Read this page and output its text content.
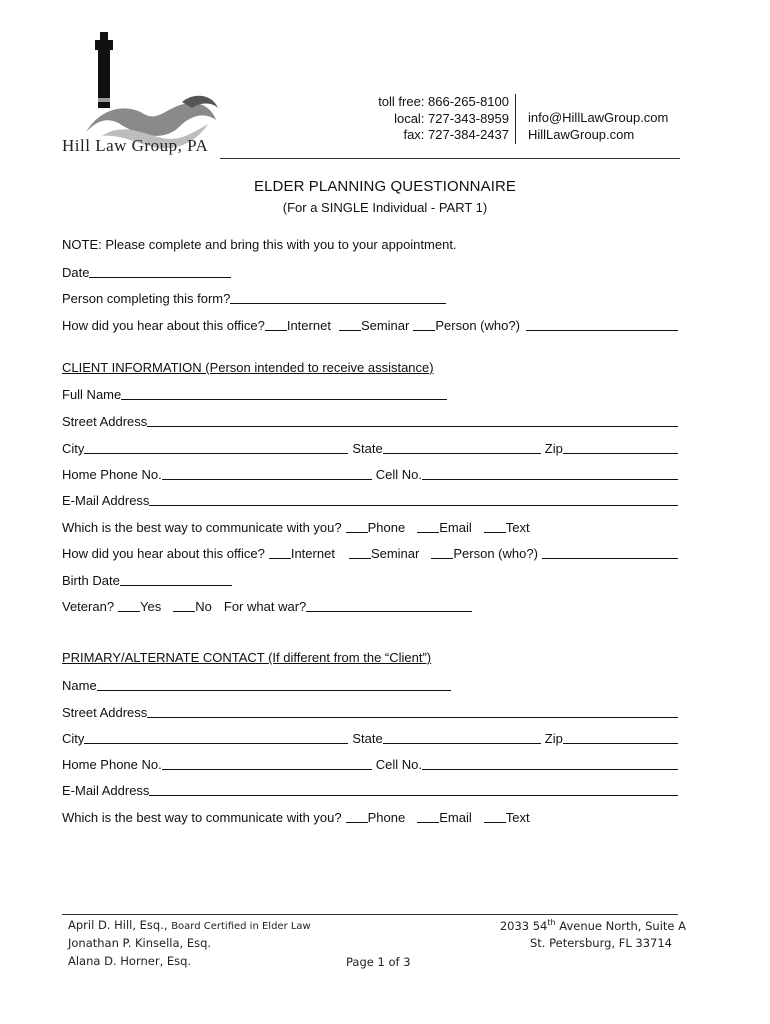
Hill Law Group, PA
toll free: 866-265-8100
local: 727-343-8959
fax: 727-384-2437
info@HillLawGroup.com
HillLawGroup.com
ELDER PLANNING QUESTIONNAIRE
(For a SINGLE Individual - PART 1)
NOTE: Please complete and bring this with you to your appointment.
Date
Person completing this form?
How did you hear about this office? Internet Seminar Person (who?)
CLIENT INFORMATION (Person intended to receive assistance)
Full Name
Street Address
City	State	Zip
Home Phone No.	Cell No.
E-Mail Address
Which is the best way to communicate with you? Phone	Email	Text
How did you hear about this office? Internet	Seminar	Person (who?)
Birth Date
Veteran? Yes	No For what war?
PRIMARY/ALTERNATE CONTACT (If different from the “Client”)
Name
Street Address
City	State	Zip
Home Phone No.	Cell No.
E-Mail Address
Which is the best way to communicate with you? Phone	Email	Text
April D. Hill, Esq., Board Certified in Elder Law
Jonathan P. Kinsella, Esq.
Alana D. Horner, Esq.	Page 1 of 3
2033 54th Avenue North, Suite A
St. Petersburg, FL 33714
